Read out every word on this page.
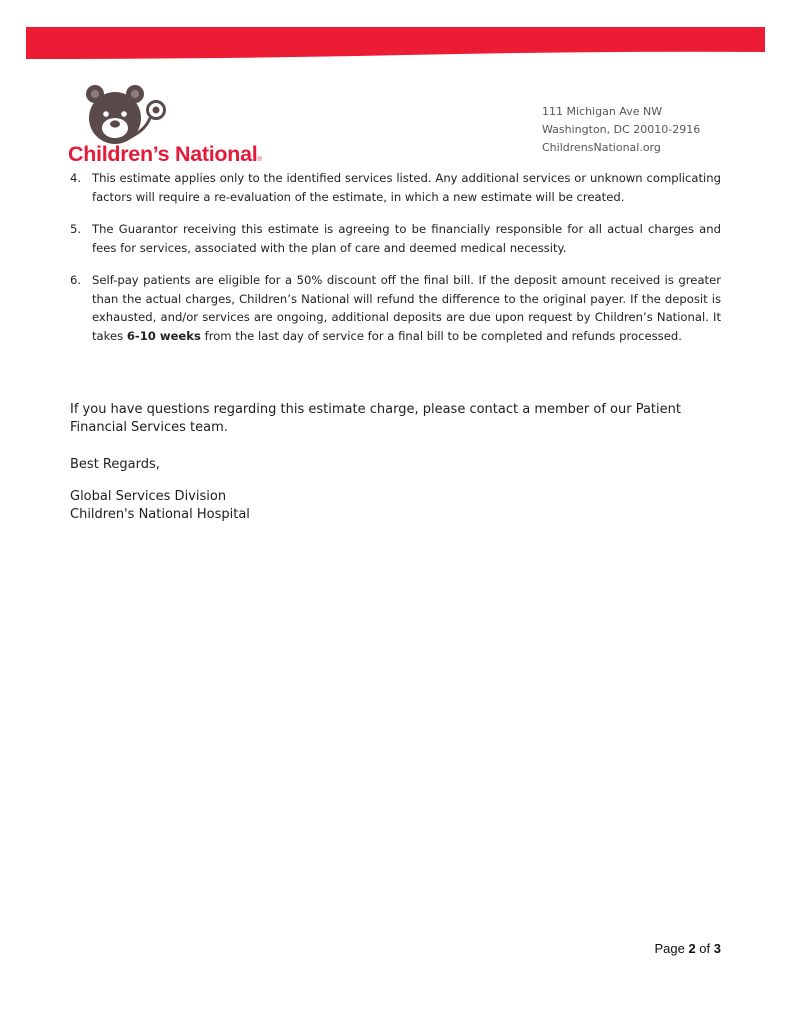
Children’s National®
111 Michigan Ave NW
Washington, DC 20010-2916
ChildrensNational.org
4. This estimate applies only to the identified services listed. Any additional services or unknown complicating factors will require a re-evaluation of the estimate, in which a new estimate will be created.
5. The Guarantor receiving this estimate is agreeing to be financially responsible for all actual charges and fees for services, associated with the plan of care and deemed medical necessity.
6. Self-pay patients are eligible for a 50% discount off the final bill. If the deposit amount received is greater than the actual charges, Children’s National will refund the difference to the original payer. If the deposit is exhausted, and/or services are ongoing, additional deposits are due upon request by Children’s National. It takes 6-10 weeks from the last day of service for a final bill to be completed and refunds processed.
If you have questions regarding this estimate charge, please contact a member of our Patient Financial Services team.
Best Regards,
Global Services Division
Children's National Hospital
Page 2 of 3
